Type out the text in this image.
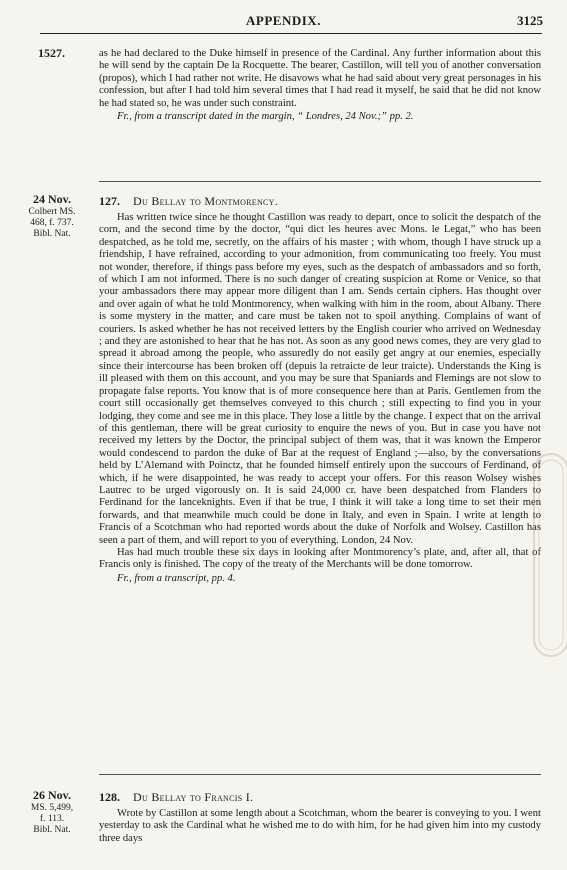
APPENDIX.	3125
1527.	as he had declared to the Duke himself in presence of the Cardinal. Any further information about this he will send by the captain De la Rocquette. The bearer, Castillon, will tell you of another conversation (propos), which I had rather not write. He disavows what he had said about very great personages in his confession, but after I had told him several times that I had read it myself, he said that he did not know he had stated so, he was under such constraint.

Fr., from a transcript dated in the margin, “ Londres, 24 Nov.;” pp. 2.

24 Nov.
Colbert MS.
468, f. 737.
Bibl. Nat.
127. Du Bellay to Montmorency.

Has written twice since he thought Castillon was ready to depart, once to solicit the despatch of the corn, and the second time by the doctor, “qui dict les heures avec Mons. le Legat,” who has been despatched, as he told me, secretly, on the affairs of his master ; with whom, though I have struck up a friendship, I have refrained, according to your admonition, from communicating too freely. You must not wonder, therefore, if things pass before my eyes, such as the despatch of ambassadors and so forth, of which I am not informed. There is no such danger of creating suspicion at Rome or Venice, so that your ambassadors there may appear more diligent than I am. Sends certain ciphers. Has thought over and over again of what he told Montmorency, when walking with him in the room, about Albany. There is some mystery in the matter, and care must be taken not to spoil anything. Complains of want of couriers. Is asked whether he has not received letters by the English courier who arrived on Wednesday ; and they are astonished to hear that he has not. As soon as any good news comes, they are very glad to spread it abroad among the people, who assuredly do not easily get angry at our enemies, especially since their intercourse has been broken off (depuis la retraicte de leur traicte). Understands the King is ill pleased with them on this account, and you may be sure that Spaniards and Flemings are not slow to propagate false reports. You know that is of more consequence here than at Paris. Gentlemen from the court still occasionally get themselves conveyed to this church ; still expecting to find you in your lodging, they come and see me in this place. They lose a little by the change. I expect that on the arrival of this gentleman, there will be great curiosity to enquire the news of you. But in case you have not received my letters by the Doctor, the principal subject of them was, that it was known the Emperor would condescend to pardon the duke of Bar at the request of England ;—also, by the conversations held by L’Alemand with Poinctz, that he founded himself entirely upon the succours of Ferdinand, of which, if he were disappointed, he was ready to accept your offers. For this reason Wolsey wishes Lautrec to be urged vigorously on. It is said 24,000 cr. have been despatched from Flanders to Ferdinand for the lanceknights. Even if that be true, I think it will take a long time to set their men forwards, and that meanwhile much could be done in Italy, and even in Spain. I write at length to Francis of a Scotchman who had reported words about the duke of Norfolk and Wolsey. Castillon has seen a part of them, and will report to you of everything. London, 24 Nov.

Has had much trouble these six days in looking after Montmorency’s plate, and, after all, that of Francis only is finished. The copy of the treaty of the Merchants will be done tomorrow.

Fr., from a transcript, pp. 4.

26 Nov.
MS. 5,499,
f. 113.
Bibl. Nat.
128. Du Bellay to Francis I.

Wrote by Castillon at some length about a Scotchman, whom the bearer is conveying to you. I went yesterday to ask the Cardinal what he wished me to do with him, for he had given him into my custody three days
